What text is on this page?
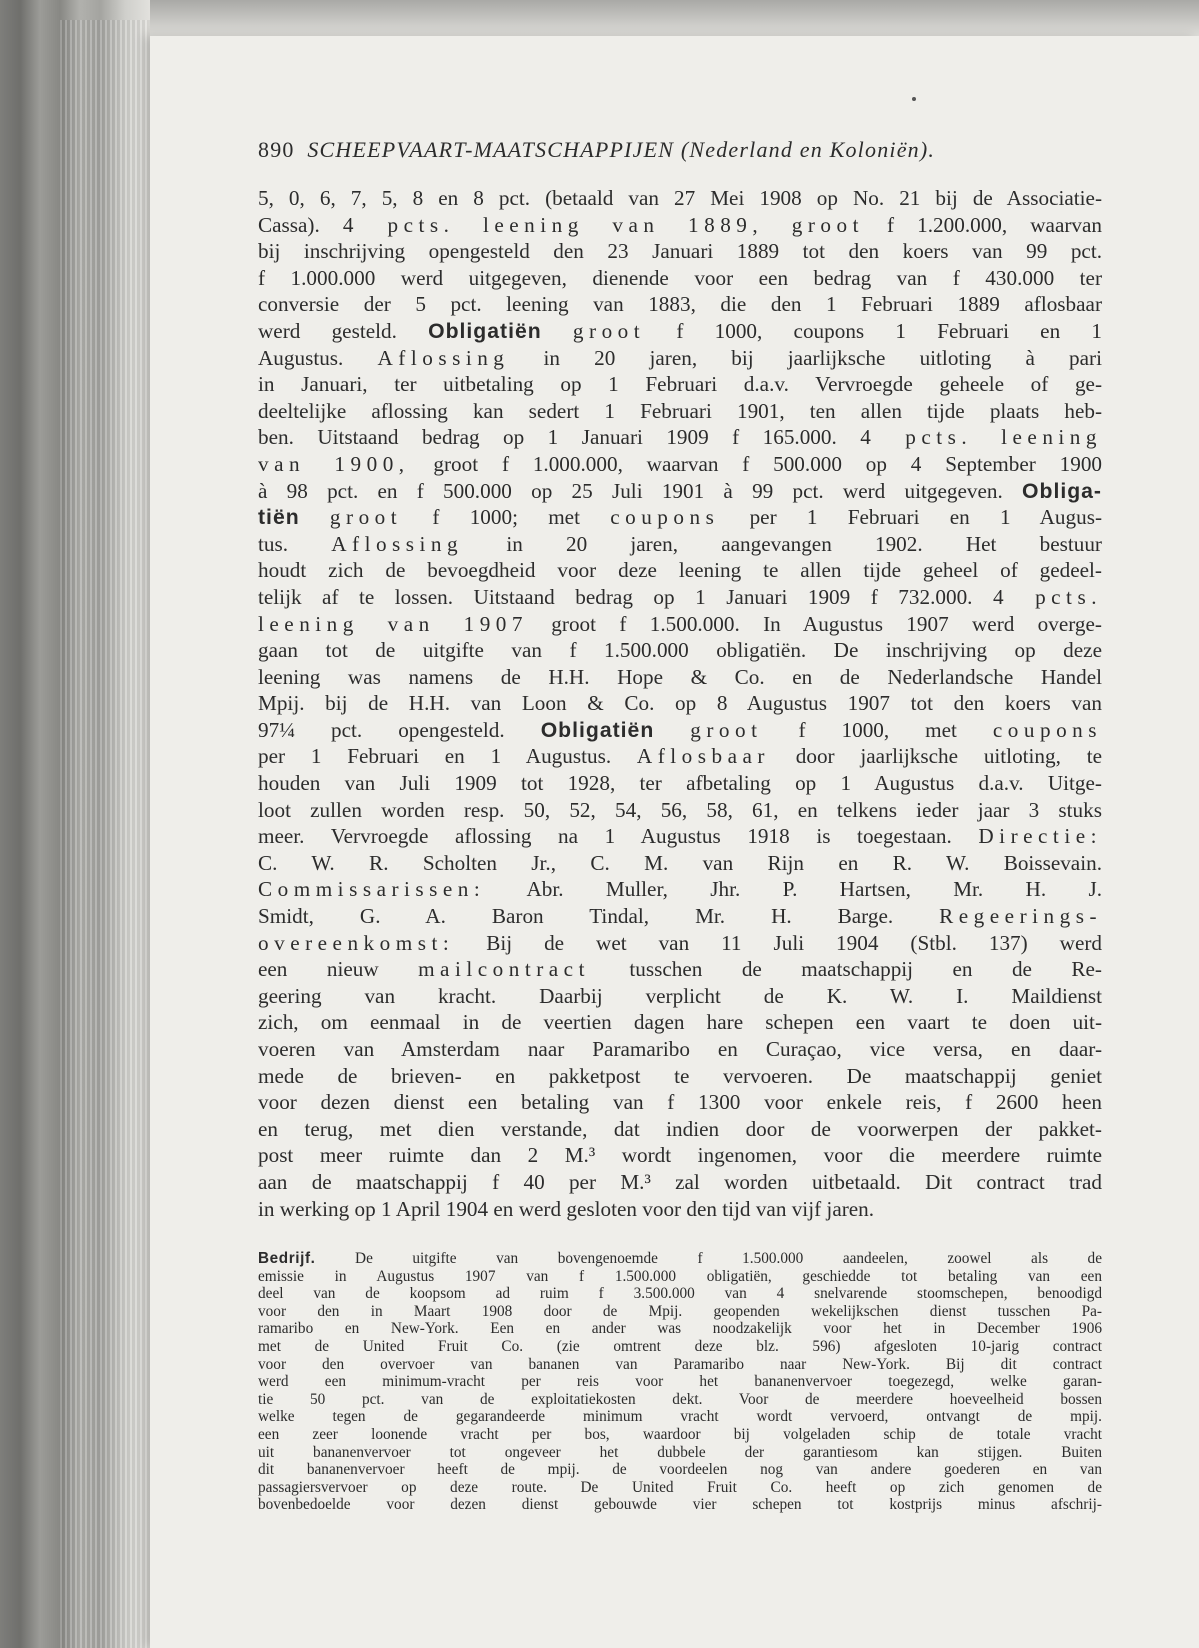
890 SCHEEPVAART-MAATSCHAPPIJEN (Nederland en Koloniën).
5, 0, 6, 7, 5, 8 en 8 pct. (betaald van 27 Mei 1908 op No. 21 bij de Associatie-
Cassa). 4 pcts. leening van 1889, groot f 1.200.000, waarvan
bij inschrijving opengesteld den 23 Januari 1889 tot den koers van 99 pct.
f 1.000.000 werd uitgegeven, dienende voor een bedrag van f 430.000 ter
conversie der 5 pct. leening van 1883, die den 1 Februari 1889 aflosbaar
werd gesteld. Obligatiën groot f 1000, coupons 1 Februari en 1
Augustus. Aflossing in 20 jaren, bij jaarlijksche uitloting à pari
in Januari, ter uitbetaling op 1 Februari d.a.v. Vervroegde geheele of ge-
deeltelijke aflossing kan sedert 1 Februari 1901, ten allen tijde plaats heb-
ben. Uitstaand bedrag op 1 Januari 1909 f 165.000. 4 pcts. leening
van 1900, groot f 1.000.000, waarvan f 500.000 op 4 September 1900
à 98 pct. en f 500.000 op 25 Juli 1901 à 99 pct. werd uitgegeven. Obliga-
tiën groot f 1000; met coupons per 1 Februari en 1 Augus-
tus. Aflossing in 20 jaren, aangevangen 1902. Het bestuur
houdt zich de bevoegdheid voor deze leening te allen tijde geheel of gedeel-
telijk af te lossen. Uitstaand bedrag op 1 Januari 1909 f 732.000. 4 pcts.
leening van 1907 groot f 1.500.000. In Augustus 1907 werd overge-
gaan tot de uitgifte van f 1.500.000 obligatiën. De inschrijving op deze
leening was namens de H.H. Hope & Co. en de Nederlandsche Handel
Mpij. bij de H.H. van Loon & Co. op 8 Augustus 1907 tot den koers van
97¼ pct. opengesteld. Obligatiën groot f 1000, met coupons
per 1 Februari en 1 Augustus. Aflosbaar door jaarlijksche uitloting, te
houden van Juli 1909 tot 1928, ter afbetaling op 1 Augustus d.a.v. Uitge-
loot zullen worden resp. 50, 52, 54, 56, 58, 61, en telkens ieder jaar 3 stuks
meer. Vervroegde aflossing na 1 Augustus 1918 is toegestaan. Directie:
C. W. R. Scholten Jr., C. M. van Rijn en R. W. Boissevain.
Commissarissen: Abr. Muller, Jhr. P. Hartsen, Mr. H. J.
Smidt, G. A. Baron Tindal, Mr. H. Barge. Regeerings-
overeenkomst: Bij de wet van 11 Juli 1904 (Stbl. 137) werd
een nieuw mailcontract tusschen de maatschappij en de Re-
geering van kracht. Daarbij verplicht de K. W. I. Maildienst
zich, om eenmaal in de veertien dagen hare schepen een vaart te doen uit-
voeren van Amsterdam naar Paramaribo en Curaçao, vice versa, en daar-
mede de brieven- en pakketpost te vervoeren. De maatschappij geniet
voor dezen dienst een betaling van f 1300 voor enkele reis, f 2600 heen
en terug, met dien verstande, dat indien door de voorwerpen der pakket-
post meer ruimte dan 2 M.³ wordt ingenomen, voor die meerdere ruimte
aan de maatschappij f 40 per M.³ zal worden uitbetaald. Dit contract trad
in werking op 1 April 1904 en werd gesloten voor den tijd van vijf jaren.
Bedrijf. De uitgifte van bovengenoemde f 1.500.000 aandeelen, zoowel als de
emissie in Augustus 1907 van f 1.500.000 obligatiën, geschiedde tot betaling van een
deel van de koopsom ad ruim f 3.500.000 van 4 snelvarende stoomschepen, benoodigd
voor den in Maart 1908 door de Mpij. geopenden wekelijkschen dienst tusschen Pa-
ramaribo en New-York. Een en ander was noodzakelijk voor het in December 1906
met de United Fruit Co. (zie omtrent deze blz. 596) afgesloten 10-jarig contract
voor den overvoer van bananen van Paramaribo naar New-York. Bij dit contract
werd een minimum-vracht per reis voor het bananenvervoer toegezegd, welke garan-
tie 50 pct. van de exploitatiekosten dekt. Voor de meerdere hoeveelheid bossen
welke tegen de gegarandeerde minimum vracht wordt vervoerd, ontvangt de mpij.
een zeer loonende vracht per bos, waardoor bij volgeladen schip de totale vracht
uit bananenvervoer tot ongeveer het dubbele der garantiesom kan stijgen. Buiten
dit bananenvervoer heeft de mpij. de voordeelen nog van andere goederen en van
passagiersvervoer op deze route. De United Fruit Co. heeft op zich genomen de
bovenbedoelde voor dezen dienst gebouwde vier schepen tot kostprijs minus afschrij-
